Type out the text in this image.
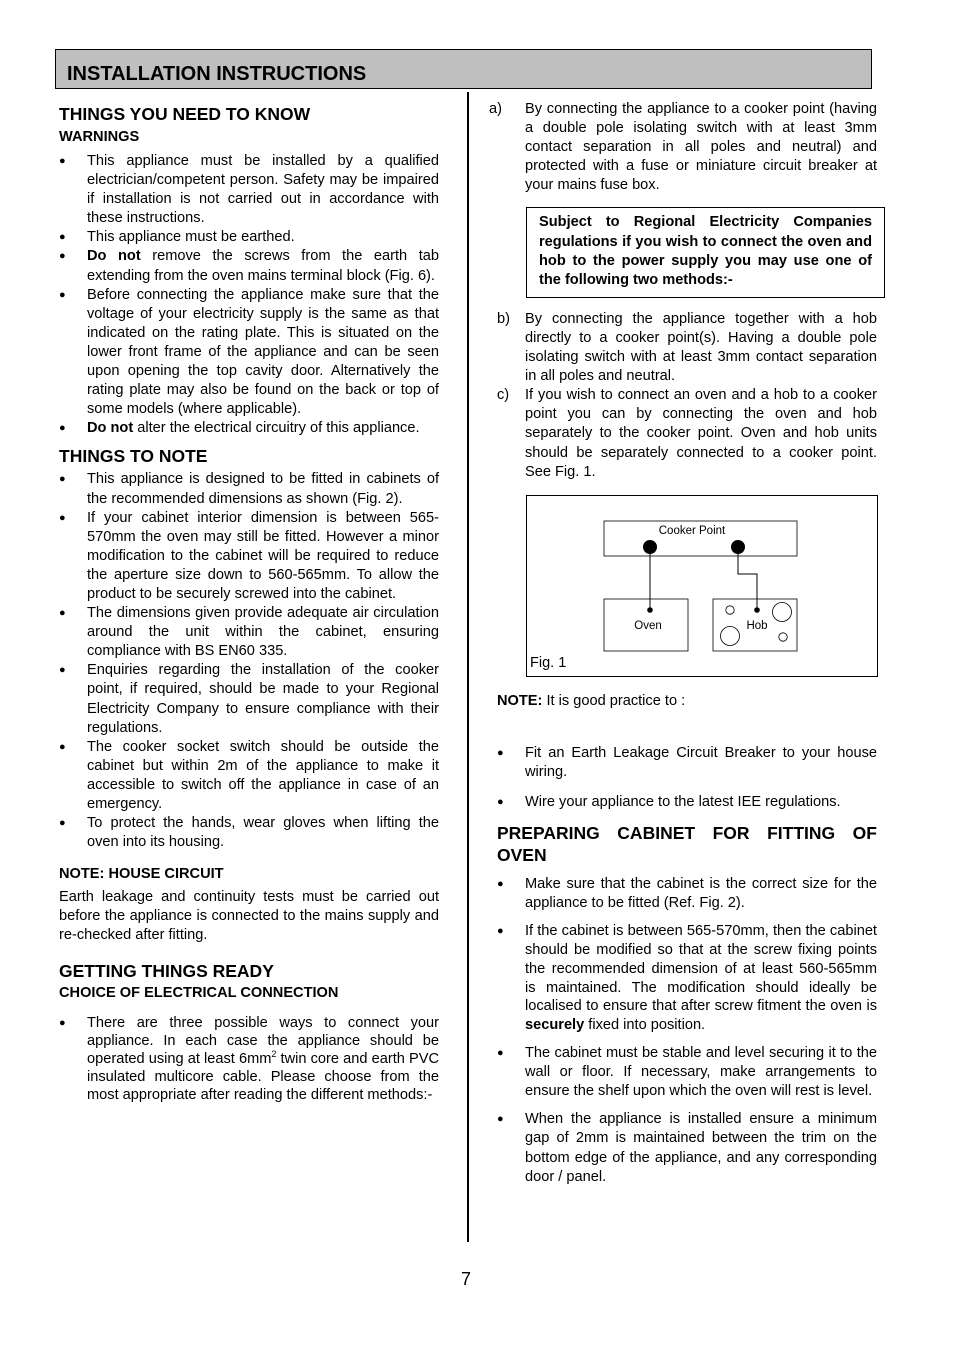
INSTALLATION INSTRUCTIONS
THINGS YOU NEED TO KNOW
WARNINGS
● This appliance must be installed by a qualified electrician/competent person. Safety may be impaired if installation is not carried out in accordance with these instructions.
● This appliance must be earthed.
● Do not remove the screws from the earth tab extending from the oven mains terminal block (Fig. 6).
● Before connecting the appliance make sure that the voltage of your electricity supply is the same as that indicated on the rating plate. This is situated on the lower front frame of the appliance and can be seen upon opening the top cavity door. Alternatively the rating plate may also be found on the back or top of some models (where applicable).
● Do not alter the electrical circuitry of this appliance.
THINGS TO NOTE
● This appliance is designed to be fitted in cabinets of the recommended dimensions as shown (Fig. 2).
● If your cabinet interior dimension is between 565-570mm the oven may still be fitted. However a minor modification to the cabinet will be required to reduce the aperture size down to 560-565mm. To allow the product to be securely screwed into the cabinet.
● The dimensions given provide adequate air circulation around the unit within the cabinet, ensuring compliance with BS EN60 335.
● Enquiries regarding the installation of the cooker point, if required, should be made to your Regional Electricity Company to ensure compliance with their regulations.
● The cooker socket switch should be outside the cabinet but within 2m of the appliance to make it accessible to switch off the appliance in case of an emergency.
● To protect the hands, wear gloves when lifting the oven into its housing.
NOTE: HOUSE CIRCUIT

Earth leakage and continuity tests must be carried out before the appliance is connected to the mains supply and re-checked after fitting.

GETTING THINGS READY
CHOICE OF ELECTRICAL CONNECTION
● There are three possible ways to connect your appliance. In each case the appliance should be operated using at least $6mm^2$ twin core and earth PVC insulated multicore cable. Please choose from the most appropriate after reading the different methods:-
a) By connecting the appliance to a cooker point (having a double pole isolating switch with at least 3mm contact separation in all poles and neutral) and protected with a fuse or miniature circuit breaker at your mains fuse box.
Subject to Regional Electricity Companies regulations if you wish to connect the oven and hob to the power supply you may use one of the following two methods:-
b) By connecting the appliance together with a hob directly to a cooker point(s). Having a double pole isolating switch with at least 3mm contact separation in all poles and neutral.
c) If you wish to connect an oven and a hob to a cooker point you can by connecting the oven and hob separately to the cooker point. Oven and hob units should be separately connected to a cooker point. See Fig. 1.
Cooker Point
Oven	Hob
Fig. 1

NOTE: It is good practice to :

● Fit an Earth Leakage Circuit Breaker to your house wiring.
● Wire your appliance to the latest IEE regulations.
PREPARING CABINET FOR FITTING OF OVEN
● Make sure that the cabinet is the correct size for the appliance to be fitted (Ref. Fig. 2).
● If the cabinet is between 565-570mm, then the cabinet should be modified so that at the screw fixing points the recommended dimension of at least 560-565mm is maintained. The modification should ideally be localised to ensure that after screw fitment the oven is securely fixed into position.
● The cabinet must be stable and level securing it to the wall or floor. If necessary, make arrangements to ensure the shelf upon which the oven will rest is level.
● When the appliance is installed ensure a minimum gap of 2mm is maintained between the trim on the bottom edge of the appliance, and any corresponding door / panel.
7
